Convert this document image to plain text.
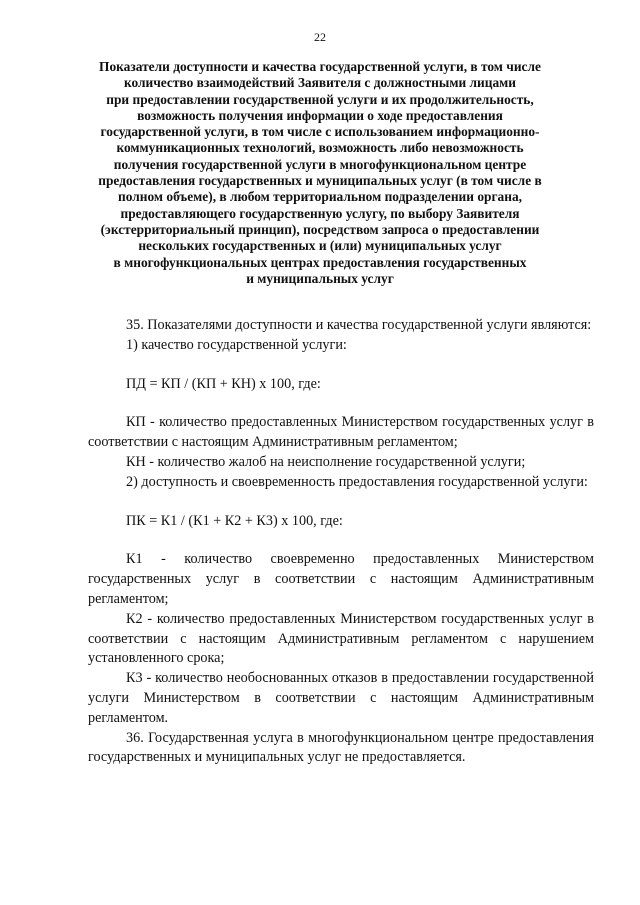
22
Показатели доступности и качества государственной услуги, в том числе
количество взаимодействий Заявителя с должностными лицами
при предоставлении государственной услуги и их продолжительность,
возможность получения информации о ходе предоставления
государственной услуги, в том числе с использованием информационно-
коммуникационных технологий, возможность либо невозможность
получения государственной услуги в многофункциональном центре
предоставления государственных и муниципальных услуг (в том числе в
полном объеме), в любом территориальном подразделении органа,
предоставляющего государственную услугу, по выбору Заявителя
(экстерриториальный принцип), посредством запроса о предоставлении
нескольких государственных и (или) муниципальных услуг
в многофункциональных центрах предоставления государственных
и муниципальных услуг

35. Показателями доступности и качества государственной услуги являются:

1) качество государственной услуги:

ПД = КП / (КП + КН) х 100, где:

КП - количество предоставленных Министерством государственных услуг в соответствии с настоящим Административным регламентом;

КН - количество жалоб на неисполнение государственной услуги;

2) доступность и своевременность предоставления государственной услуги:

ПК = К1 / (К1 + К2 + К3) х 100, где:

К1 - количество своевременно предоставленных Министерством государственных услуг в соответствии с настоящим Административным регламентом;

К2 - количество предоставленных Министерством государственных услуг в соответствии с настоящим Административным регламентом с нарушением установленного срока;

К3 - количество необоснованных отказов в предоставлении государственной услуги Министерством в соответствии с настоящим Административным регламентом.

36. Государственная услуга в многофункциональном центре предоставления государственных и муниципальных услуг не предоставляется.
